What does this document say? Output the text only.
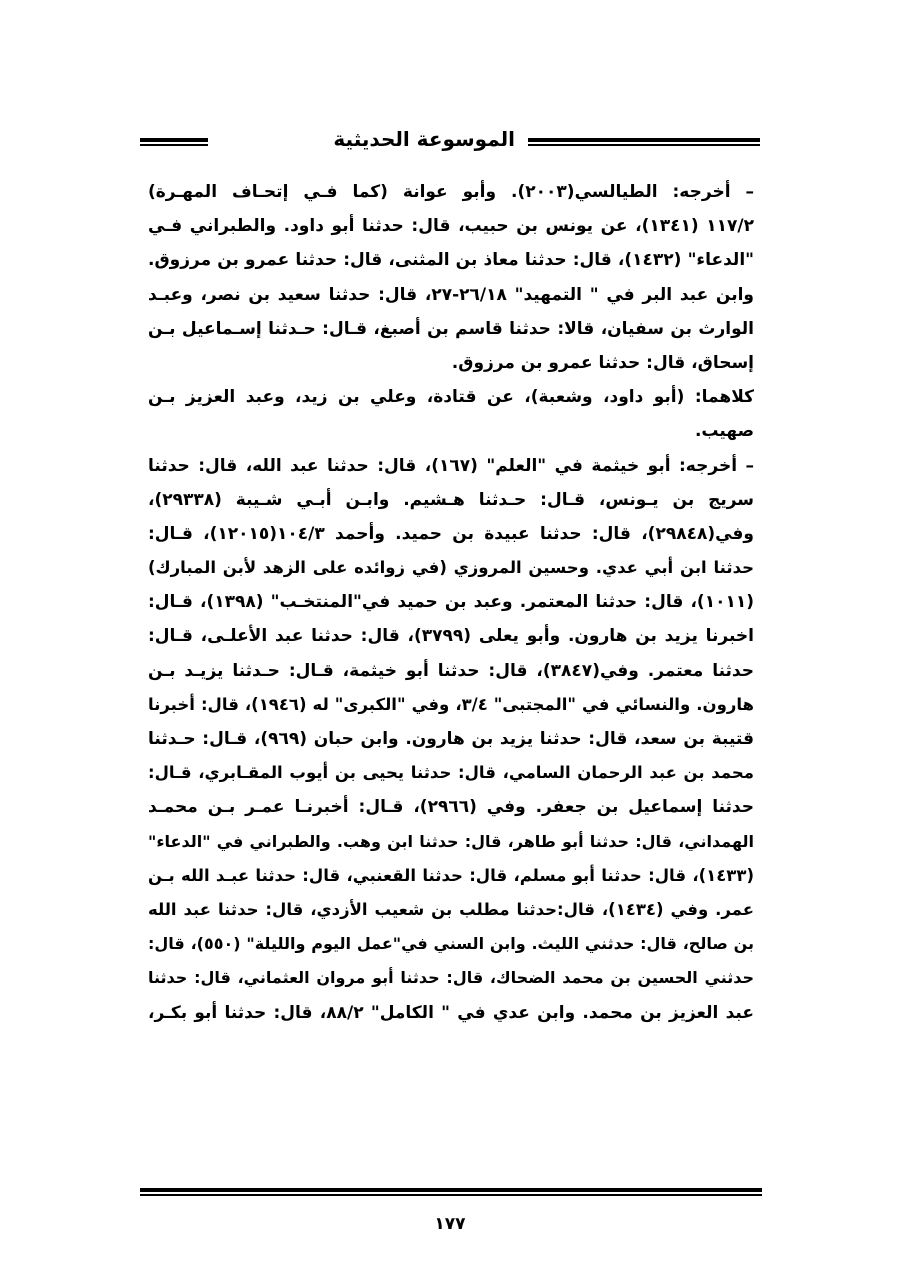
الموسوعة الحديثية
– أخرجه: الطيالسي(٢٠٠٣). وأبو عوانة (كما فـي إتحـاف المهـرة)
١١٧/٢ (١٣٤١)، عن يونس بن حبيب، قال: حدثنا أبو داود. والطبراني فـي
"الدعاء" (١٤٣٢)، قال: حدثنا معاذ بن المثنى، قال: حدثنا عمرو بن مرزوق.
وابن عبد البر في " التمهيد" ٢٦/١٨-٢٧، قال: حدثنا سعيد بن نصر، وعبـد
الوارث بن سفيان، قالا: حدثنا قاسم بن أصبغ، قـال: حـدثنا إسـماعيل بـن
إسحاق، قال: حدثنا عمرو بن مرزوق.
كلاهما: (أبو داود، وشعبة)، عن قتادة، وعلي بن زيد، وعبد العزيز بـن
صهيب.
– أخرجه: أبو خيثمة في "العلم" (١٦٧)، قال: حدثنا عبد الله، قال: حدثنا
سريج بن يـونس، قـال: حـدثنا هـشيم. وابـن أبـي شـيبة (٢٩٣٣٨)،
وفي(٢٩٨٤٨)، قال: حدثنا عبيدة بن حميد. وأحمد ١٠٤/٣(١٢٠١٥)، قـال:
حدثنا ابن أبي عدي. وحسين المروزي (في زوائده على الزهد لأبن المبارك)
(١٠١١)، قال: حدثنا المعتمر. وعبد بن حميد في"المنتخـب" (١٣٩٨)، قـال:
اخبرنا يزيد بن هارون. وأبو يعلى (٣٧٩٩)، قال: حدثنا عبد الأعلـى، قـال:
حدثنا معتمر. وفي(٣٨٤٧)، قال: حدثنا أبو خيثمة، قـال: حـدثنا يزيـد بـن
هارون. والنسائي في "المجتبى" ٣/٤، وفي "الكبرى" له (١٩٤٦)، قال: أخبرنا
قتيبة بن سعد، قال: حدثنا يزيد بن هارون. وابن حبان (٩٦٩)، قـال: حـدثنا
محمد بن عبد الرحمان السامي، قال: حدثنا يحيى بن أيوب المقـابري، قـال:
حدثنا إسماعيل بن جعفر. وفي (٢٩٦٦)، قـال: أخبرنـا عمـر بـن محمـد
الهمداني، قال: حدثنا أبو طاهر، قال: حدثنا ابن وهب. والطبراني في "الدعاء"
(١٤٣٣)، قال: حدثنا أبو مسلم، قال: حدثنا القعنبي، قال: حدثنا عبـد الله بـن
عمر. وفي (١٤٣٤)، قال:حدثنا مطلب بن شعيب الأزدي، قال: حدثنا عبد الله
بن صالح، قال: حدثني الليث. وابن السني في"عمل اليوم والليلة" (٥٥٠)، قال:
حدثني الحسين بن محمد الضحاك، قال: حدثنا أبو مروان العثماني، قال: حدثنا
عبد العزيز بن محمد. وابن عدي في " الكامل" ٨٨/٢، قال: حدثنا أبو بكـر،
١٧٧
